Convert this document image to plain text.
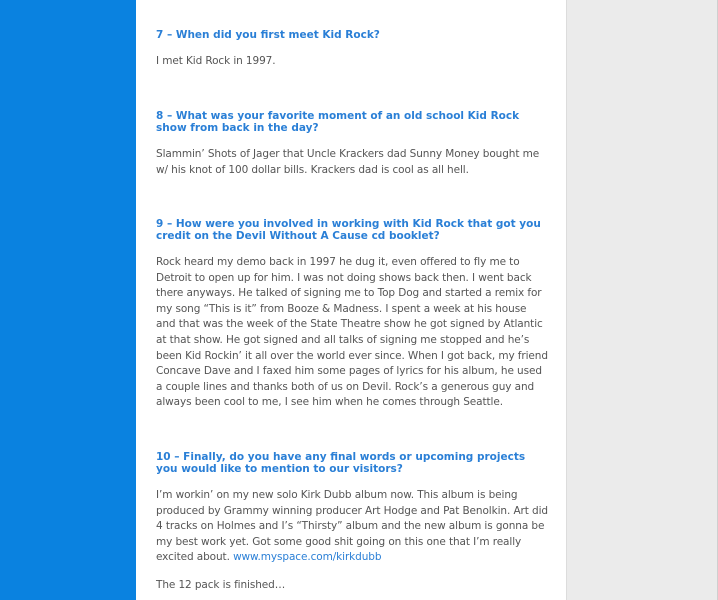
7 – When did you first meet Kid Rock?

I met Kid Rock in 1997.

8 – What was your favorite moment of an old school Kid Rock show from back in the day?

Slammin’ Shots of Jager that Uncle Krackers dad Sunny Money bought me w/ his knot of 100 dollar bills. Krackers dad is cool as all hell.

9 – How were you involved in working with Kid Rock that got you credit on the Devil Without A Cause cd booklet?

Rock heard my demo back in 1997 he dug it, even offered to fly me to Detroit to open up for him. I was not doing shows back then. I went back there anyways. He talked of signing me to Top Dog and started a remix for my song “This is it” from Booze & Madness. I spent a week at his house and that was the week of the State Theatre show he got signed by Atlantic at that show. He got signed and all talks of signing me stopped and he’s been Kid Rockin’ it all over the world ever since. When I got back, my friend Concave Dave and I faxed him some pages of lyrics for his album, he used a couple lines and thanks both of us on Devil. Rock’s a generous guy and always been cool to me, I see him when he comes through Seattle.

10 – Finally, do you have any final words or upcoming projects you would like to mention to our visitors?

I’m workin’ on my new solo Kirk Dubb album now. This album is being produced by Grammy winning producer Art Hodge and Pat Benolkin. Art did 4 tracks on Holmes and I’s “Thirsty” album and the new album is gonna be my best work yet. Got some good shit going on this one that I’m really excited about. www.myspace.com/kirkdubb

The 12 pack is finished…
